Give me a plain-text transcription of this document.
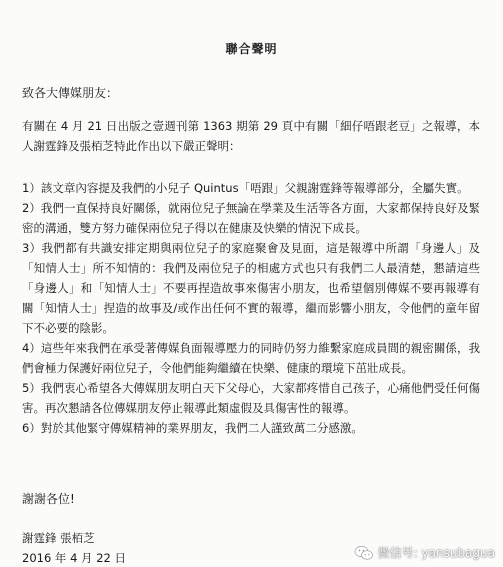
聯合聲明
致各大傳媒朋友：
有關在 4 月 21 日出版之壹週刊第 1363 期第 29 頁中有關「細仔唔跟老豆」之報導，本人謝霆鋒及張栢芝特此作出以下嚴正聲明：
1）該文章內容提及我們的小兒子 Quintus「唔跟」父親謝霆鋒等報導部分，全屬失實。
2）我們一直保持良好關係，就兩位兒子無論在學業及生活等各方面，大家都保持良好及緊密的溝通，雙方努力確保兩位兒子得以在健康及快樂的情況下成長。
3）我們都有共識安排定期與兩位兒子的家庭聚會及見面，這是報導中所謂「身邊人」及「知情人士」所不知情的：我們及兩位兒子的相處方式也只有我們二人最清楚，懇請這些「身邊人」和「知情人士」不要再捏造故事來傷害小朋友，也希望個別傳媒不要再報導有關「知情人士」捏造的故事及/或作出任何不實的報導，繼而影響小朋友，令他們的童年留下不必要的陰影。
4）這些年來我們在承受著傳媒負面報導壓力的同時仍努力維繫家庭成員間的親密關係，我們會極力保護好兩位兒子，令他們能夠繼續在快樂、健康的環境下茁壯成長。
5）我們衷心希望各大傳媒朋友明白天下父母心，大家都疼惜自己孩子，心痛他們受任何傷害。再次懇請各位傳媒朋友停止報導此類虛假及具傷害性的報導。
6）對於其他緊守傳媒精神的業界朋友，我們二人謹致萬二分感激。
謝謝各位!
謝霆鋒 張栢芝
2016 年 4 月 22 日	微信号: yansubagua
